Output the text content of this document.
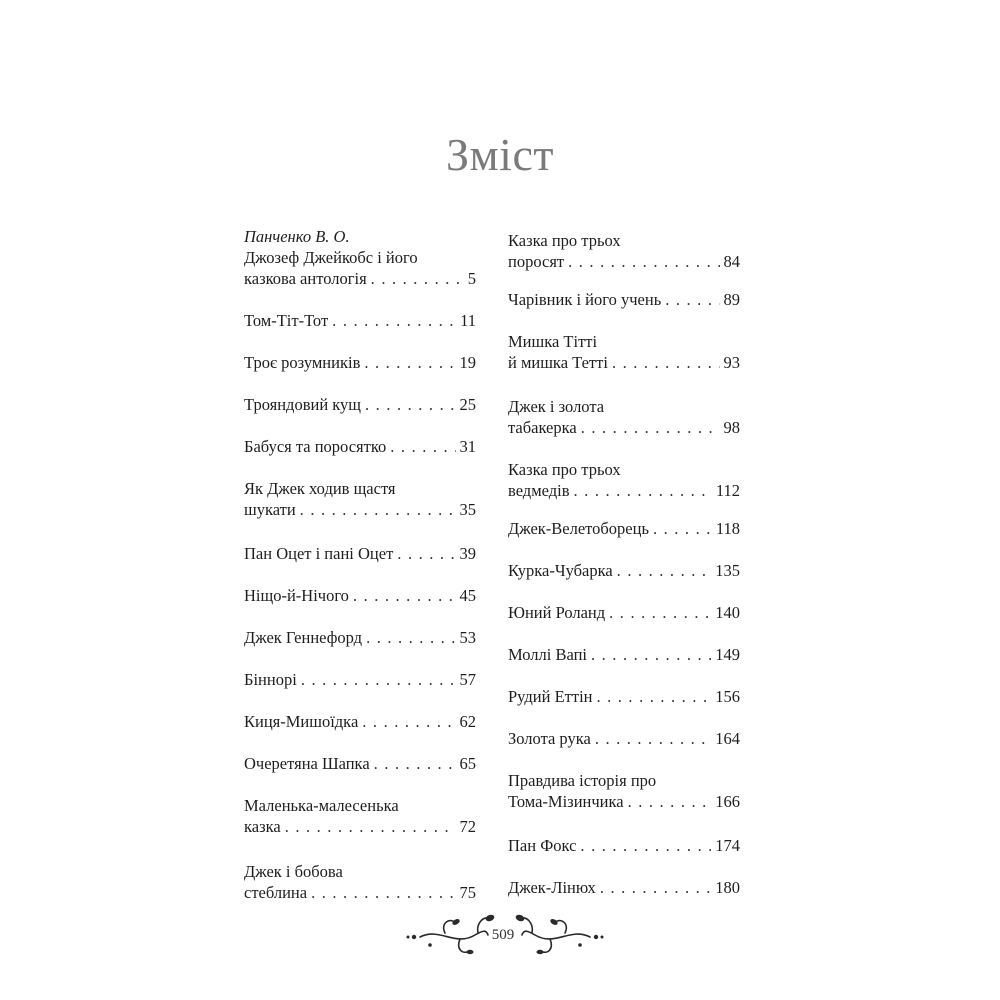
Зміст
Панченко В. О.
Джозеф Джейкобс і його
казкова антологія . . .	5
Том-Тіт-Тот . . .	11
Троє розумників . . .	19
Трояндовий кущ . . .	25
Бабуся та поросятко . . .	31
Як Джек ходив щастя
шукати . . .	35
Пан Оцет і пані Оцет . . .	39
Ніщо-й-Нічого . . .	45
Джек Геннефорд . . .	53
Біннорі . . .	57
Киця-Мишоїдка . . .	62
Очеретяна Шапка . . .	65
Маленька-малесенька
казка . . .	72
Джек і бобова
стеблина . . .	75
Казка про трьох
поросят . . .	84
Чарівник і його учень . . .	89
Мишка Тітті
й мишка Тетті . . .	93
Джек і золота
табакерка . . .	98
Казка про трьох
ведмедів . . .	112
Джек-Велетоборець . . .	118
Курка-Чубарка . . .	135
Юний Роланд . . .	140
Моллі Вапі . . .	149
Рудий Еттін . . .	156
Золота рука . . .	164
Правдива історія про
Тома-Мізинчика . . .	166
Пан Фокс . . .	174
Джек-Лінюх . . .	180
509
